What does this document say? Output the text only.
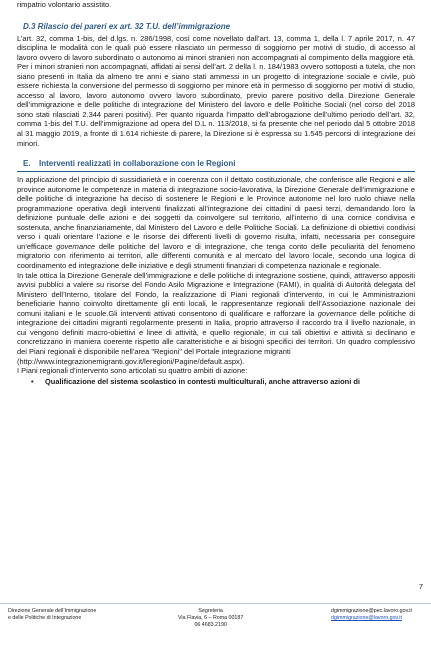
rimpatrio volontario assistito.

D.3 Rilascio dei pareri ex art. 32 T.U. dell’immigrazione

L’art. 32, comma 1-bis, del d.lgs. n. 286/1998, così come novellato dall’art. 13, comma 1, della l. 7 aprile 2017, n. 47 disciplina le modalità con le quali può essere rilasciato un permesso di soggiorno per motivi di studio, di accesso al lavoro ovvero di lavoro subordinato o autonomo ai minori stranieri non accompagnati al compimento della maggiore età. Per i minori stranieri non accompagnati, affidati ai sensi dell’art. 2 della l. n. 184/1983 ovvero sottoposti a tutela, che non siano presenti in Italia da almeno tre anni e siano stati ammessi in un progetto di integrazione sociale e civile, può essere richiesta la conversione del permesso di soggiorno per minore età in permesso di soggiorno per motivi di studio, accesso al lavoro, lavoro autonomo ovvero lavoro subordinato, previo parere positivo della Direzione Generale dell’immigrazione e delle politiche di integrazione del Ministero del lavoro e delle Politiche Sociali (nel corso del 2018 sono stati rilasciati 2.344 pareri positivi). Per quanto riguarda l’impatto dell’abrogazione dell’ultimo periodo dell’art. 32, comma 1-bis del T.U. dell’immigrazione ad opera del D.L n. 113/2018, si fa presente che nel periodo dal 5 ottobre 2018 al 31 maggio 2019, a fronte di 1.614 richieste di parere, la Direzione si è espressa su 1.545 percorsi di integrazione dei minori.

E. Interventi realizzati in collaborazione con le Regioni

In applicazione del principio di sussidiarietà e in coerenza con il dettato costituzionale, che conferisce alle Regioni e alle province autonome le competenze in materia di integrazione socio-lavorativa, la Direzione Generale dell’immigrazione e delle politiche di integrazione ha deciso di sostenere le Regioni e le Province autonome nel loro ruolo chiave nella programmazione operativa degli interventi finalizzati all’integrazione dei cittadini di paesi terzi, demandando loro la definizione puntuale delle azioni e dei soggetti da coinvolgere sul territorio, all’interno di una cornice condivisa e sostenuta, anche finanziariamente, dal Ministero del Lavoro e delle Politiche Sociali. La definizione di obiettivi condivisi verso i quali orientare l’azione e le risorse dei differenti livelli di governo risulta, infatti, necessaria per conseguire un’efficace governance delle politiche del lavoro e di integrazione, che tenga conto delle peculiarità del fenomeno migratorio con riferimento ai territori, alle differenti comunità e al mercato del lavoro locale, secondo una logica di coordinamento ed integrazione delle iniziative e degli strumenti finanziari di competenza nazionale e regionale.

In tale ottica la Direzione Generale dell’immigrazione e delle politiche di integrazione sostiene, quindi, attraverso appositi avvisi pubblici a valere su risorse del Fondo Asilo Migrazione e Integrazione (FAMI), in qualità di Autorità delegata del Ministero dell’Interno, titolare del Fondo, la realizzazione di Piani regionali d’intervento, in cui le Amministrazioni beneficiarie hanno coinvolto direttamente gli enti locali, le rappresentanze regionali dell’Associazione nazionale dei comuni italiani e le scuole.Gli interventi attivati consentono di qualificare e rafforzare la governance delle politiche di integrazione dei cittadini migranti regolarmente presenti in Italia, proprio attraverso il raccordo tra il livello nazionale, in cui vengono definiti macro-obiettivi e linee di attività, e quello regionale, in cui tali obiettivi e attività si declinano e concretizzano in maniera coerente rispetto alle caratteristiche e ai bisogni specifici dei territori. Un quadro complessivo dei Piani regionali è disponibile nell’area "Regioni" del Portale integrazione migranti

(http://www.integrazionemigranti.gov.it/leregioni/Pagine/default.aspx).

I Piani regionali d’intervento sono articolati su quattro ambiti di azione:

•	Qualificazione del sistema scolastico in contesti multiculturali, anche attraverso azioni di
7
Direzione Generale dell’Immigrazione
e delle Politiche di Integrazione
Segreteria
Via Flavia, 6 – Roma 00187
06 4683.2190
dgimmigrazione@pec.lavoro.gov.it
dgimmigrazione@lavoro.gov.it
